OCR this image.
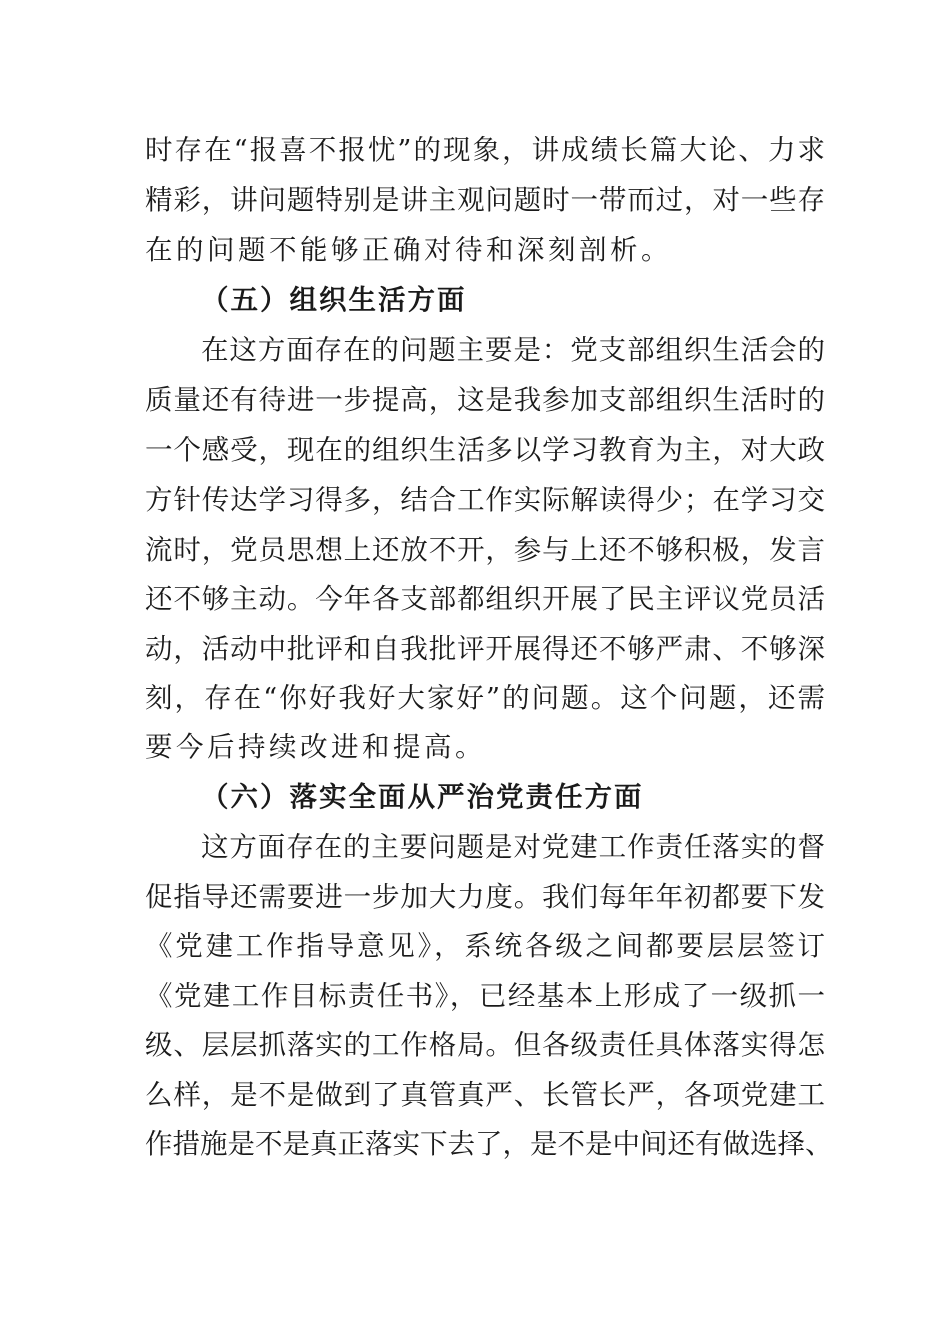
时存在“报喜不报忧”的现象，讲成绩长篇大论、力求
精彩，讲问题特别是讲主观问题时一带而过，对一些存
在的问题不能够正确对待和深刻剖析。
（五）组织生活方面
在这方面存在的问题主要是：党支部组织生活会的
质量还有待进一步提高，这是我参加支部组织生活时的
一个感受，现在的组织生活多以学习教育为主，对大政
方针传达学习得多，结合工作实际解读得少；在学习交
流时，党员思想上还放不开，参与上还不够积极，发言
还不够主动。今年各支部都组织开展了民主评议党员活
动，活动中批评和自我批评开展得还不够严肃、不够深
刻，存在“你好我好大家好”的问题。这个问题，还需
要今后持续改进和提高。
（六）落实全面从严治党责任方面
这方面存在的主要问题是对党建工作责任落实的督
促指导还需要进一步加大力度。我们每年年初都要下发
《党建工作指导意见》，系统各级之间都要层层签订
《党建工作目标责任书》，已经基本上形成了一级抓一
级、层层抓落实的工作格局。但各级责任具体落实得怎
么样，是不是做到了真管真严、长管长严，各项党建工
作措施是不是真正落实下去了，是不是中间还有做选择、
